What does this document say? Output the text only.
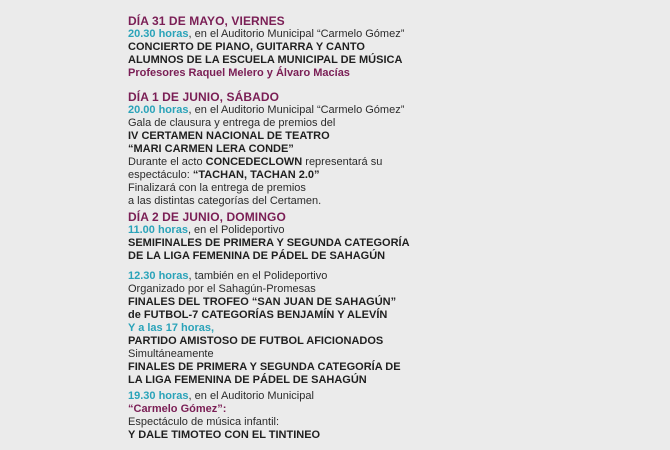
DÍA 31 DE MAYO, VIERNES
20.30 horas, en el Auditorio Municipal “Carmelo Gómez”
CONCIERTO DE PIANO, GUITARRA Y CANTO
ALUMNOS DE LA ESCUELA MUNICIPAL DE MÚSICA
Profesores Raquel Melero y Álvaro Macías
DÍA 1 DE JUNIO, SÁBADO
20.00 horas, en el Auditorio Municipal “Carmelo Gómez”
Gala de clausura y entrega de premios del
IV CERTAMEN NACIONAL DE TEATRO
“MARI CARMEN LERA CONDE”
Durante el acto CONCEDECLOWN representará su
espectáculo: “TACHAN, TACHAN 2.0”
Finalizará con la entrega de premios
a las distintas categorías del Certamen.
DÍA 2 DE JUNIO, DOMINGO
11.00 horas, en el Polideportivo
SEMIFINALES DE PRIMERA Y SEGUNDA CATEGORÍA
DE LA LIGA FEMENINA DE PÁDEL DE SAHAGÚN
12.30 horas, también en el Polideportivo
Organizado por el Sahagún-Promesas
FINALES DEL TROFEO “SAN JUAN DE SAHAGÚN”
de FUTBOL-7 CATEGORÍAS BENJAMÍN Y ALEVÍN
Y a las 17 horas,
PARTIDO AMISTOSO DE FUTBOL AFICIONADOS
Simultáneamente
FINALES DE PRIMERA Y SEGUNDA CATEGORÍA DE
LA LIGA FEMENINA DE PÁDEL DE SAHAGÚN
19.30 horas, en el Auditorio Municipal
“Carmelo Gómez”:
Espectáculo de música infantil:
Y DALE TIMOTEO CON EL TINTINEO
